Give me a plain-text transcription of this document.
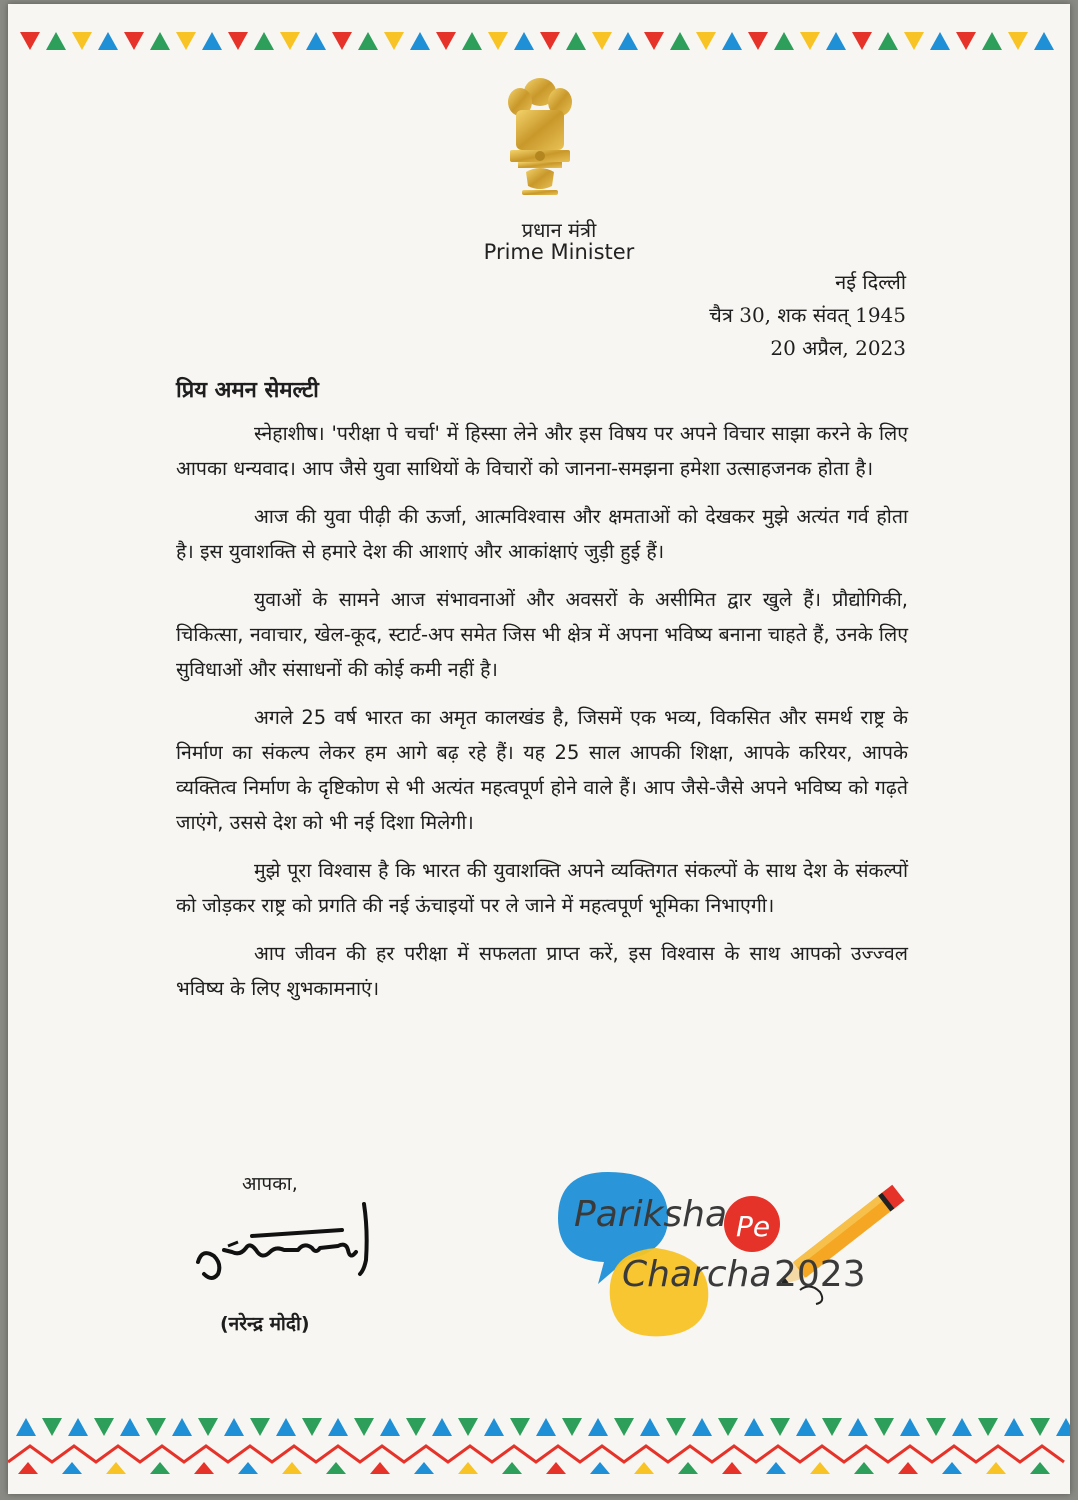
प्रधान मंत्री
Prime Minister
नई दिल्ली
चैत्र 30, शक संवत् 1945
20 अप्रैल, 2023
प्रिय अमन सेमल्टी

स्नेहाशीष। 'परीक्षा पे चर्चा' में हिस्सा लेने और इस विषय पर अपने विचार साझा करने के लिए आपका धन्यवाद। आप जैसे युवा साथियों के विचारों को जानना-समझना हमेशा उत्साहजनक होता है।

आज की युवा पीढ़ी की ऊर्जा, आत्मविश्वास और क्षमताओं को देखकर मुझे अत्यंत गर्व होता है। इस युवाशक्ति से हमारे देश की आशाएं और आकांक्षाएं जुड़ी हुई हैं।

युवाओं के सामने आज संभावनाओं और अवसरों के असीमित द्वार खुले हैं। प्रौद्योगिकी, चिकित्सा, नवाचार, खेल-कूद, स्टार्ट-अप समेत जिस भी क्षेत्र में अपना भविष्य बनाना चाहते हैं, उनके लिए सुविधाओं और संसाधनों की कोई कमी नहीं है।

अगले 25 वर्ष भारत का अमृत कालखंड है, जिसमें एक भव्य, विकसित और समर्थ राष्ट्र के निर्माण का संकल्प लेकर हम आगे बढ़ रहे हैं। यह 25 साल आपकी शिक्षा, आपके करियर, आपके व्यक्तित्व निर्माण के दृष्टिकोण से भी अत्यंत महत्वपूर्ण होने वाले हैं। आप जैसे-जैसे अपने भविष्य को गढ़ते जाएंगे, उससे देश को भी नई दिशा मिलेगी।

मुझे पूरा विश्वास है कि भारत की युवाशक्ति अपने व्यक्तिगत संकल्पों के साथ देश के संकल्पों को जोड़कर राष्ट्र को प्रगति की नई ऊंचाइयों पर ले जाने में महत्वपूर्ण भूमिका निभाएगी।

आप जीवन की हर परीक्षा में सफलता प्राप्त करें, इस विश्वास के साथ आपको उज्ज्वल भविष्य के लिए शुभकामनाएं।

आपका,
(नरेन्द्र मोदी)
Pariksha Pe
Charcha 2023
